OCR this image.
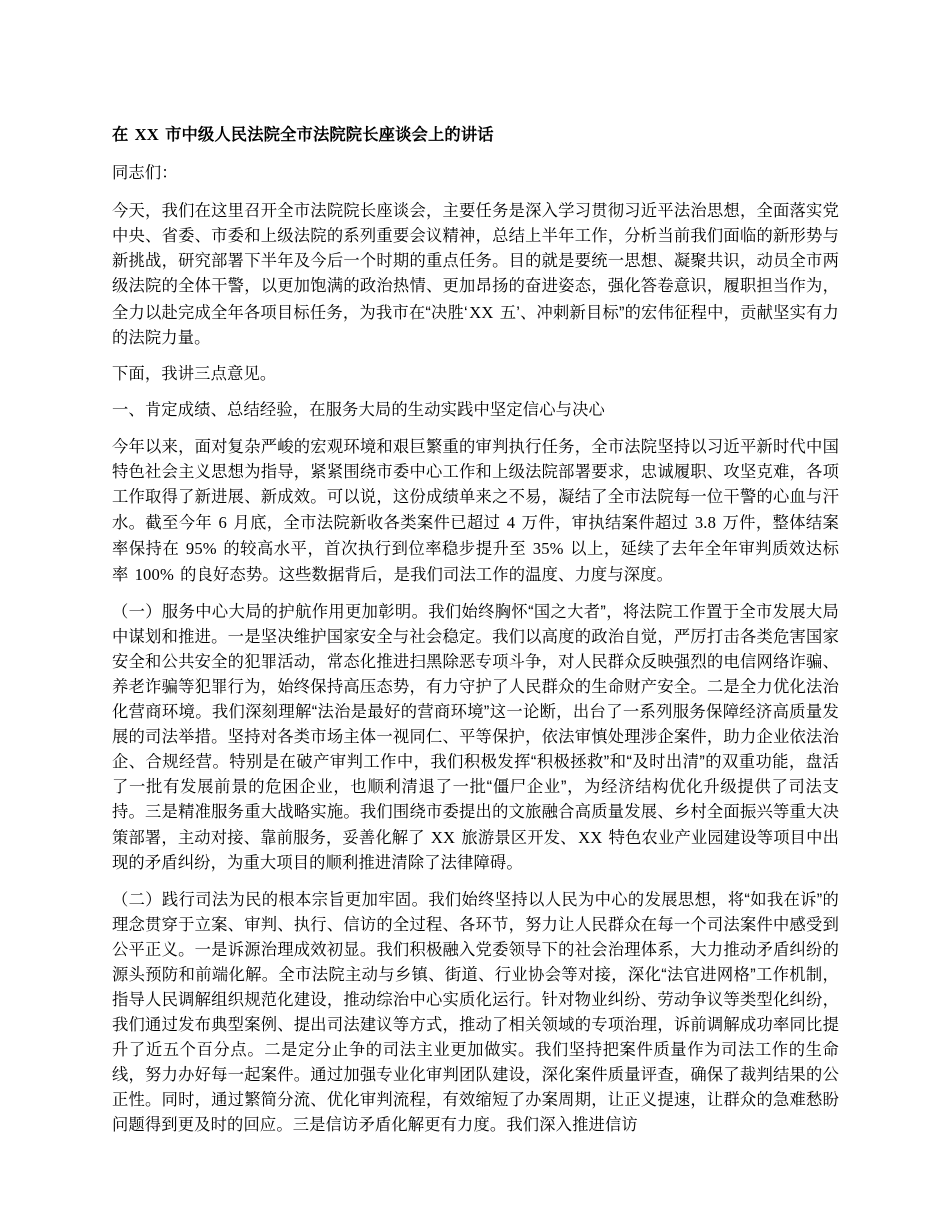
在 XX 市中级人民法院全市法院院长座谈会上的讲话

同志们：

今天，我们在这里召开全市法院院长座谈会，主要任务是深入学习贯彻习近平法治思想，全面落实党中央、省委、市委和上级法院的系列重要会议精神，总结上半年工作，分析当前我们面临的新形势与新挑战，研究部署下半年及今后一个时期的重点任务。目的就是要统一思想、凝聚共识，动员全市两级法院的全体干警，以更加饱满的政治热情、更加昂扬的奋进姿态，强化答卷意识，履职担当作为，全力以赴完成全年各项目标任务，为我市在“决胜‘XX 五’、冲刺新目标”的宏伟征程中，贡献坚实有力的法院力量。

下面，我讲三点意见。

一、肯定成绩、总结经验，在服务大局的生动实践中坚定信心与决心

今年以来，面对复杂严峻的宏观环境和艰巨繁重的审判执行任务，全市法院坚持以习近平新时代中国特色社会主义思想为指导，紧紧围绕市委中心工作和上级法院部署要求，忠诚履职、攻坚克难，各项工作取得了新进展、新成效。可以说，这份成绩单来之不易，凝结了全市法院每一位干警的心血与汗水。截至今年 6 月底，全市法院新收各类案件已超过 4 万件，审执结案件超过 3.8 万件，整体结案率保持在 95% 的较高水平，首次执行到位率稳步提升至 35% 以上，延续了去年全年审判质效达标率 100% 的良好态势。这些数据背后，是我们司法工作的温度、力度与深度。

（一）服务中心大局的护航作用更加彰明。我们始终胸怀“国之大者”，将法院工作置于全市发展大局中谋划和推进。一是坚决维护国家安全与社会稳定。我们以高度的政治自觉，严厉打击各类危害国家安全和公共安全的犯罪活动，常态化推进扫黑除恶专项斗争，对人民群众反映强烈的电信网络诈骗、养老诈骗等犯罪行为，始终保持高压态势，有力守护了人民群众的生命财产安全。二是全力优化法治化营商环境。我们深刻理解“法治是最好的营商环境”这一论断，出台了一系列服务保障经济高质量发展的司法举措。坚持对各类市场主体一视同仁、平等保护，依法审慎处理涉企案件，助力企业依法治企、合规经营。特别是在破产审判工作中，我们积极发挥“积极拯救”和“及时出清”的双重功能，盘活了一批有发展前景的危困企业，也顺利清退了一批“僵尸企业”，为经济结构优化升级提供了司法支持。三是精准服务重大战略实施。我们围绕市委提出的文旅融合高质量发展、乡村全面振兴等重大决策部署，主动对接、靠前服务，妥善化解了 XX 旅游景区开发、XX 特色农业产业园建设等项目中出现的矛盾纠纷，为重大项目的顺利推进清除了法律障碍。

（二）践行司法为民的根本宗旨更加牢固。我们始终坚持以人民为中心的发展思想，将“如我在诉”的理念贯穿于立案、审判、执行、信访的全过程、各环节，努力让人民群众在每一个司法案件中感受到公平正义。一是诉源治理成效初显。我们积极融入党委领导下的社会治理体系，大力推动矛盾纠纷的源头预防和前端化解。全市法院主动与乡镇、街道、行业协会等对接，深化“法官进网格”工作机制，指导人民调解组织规范化建设，推动综治中心实质化运行。针对物业纠纷、劳动争议等类型化纠纷，我们通过发布典型案例、提出司法建议等方式，推动了相关领域的专项治理，诉前调解成功率同比提升了近五个百分点。二是定分止争的司法主业更加做实。我们坚持把案件质量作为司法工作的生命线，努力办好每一起案件。通过加强专业化审判团队建设，深化案件质量评查，确保了裁判结果的公正性。同时，通过繁简分流、优化审判流程，有效缩短了办案周期，让正义提速，让群众的急难愁盼问题得到更及时的回应。三是信访矛盾化解更有力度。我们深入推进信访
